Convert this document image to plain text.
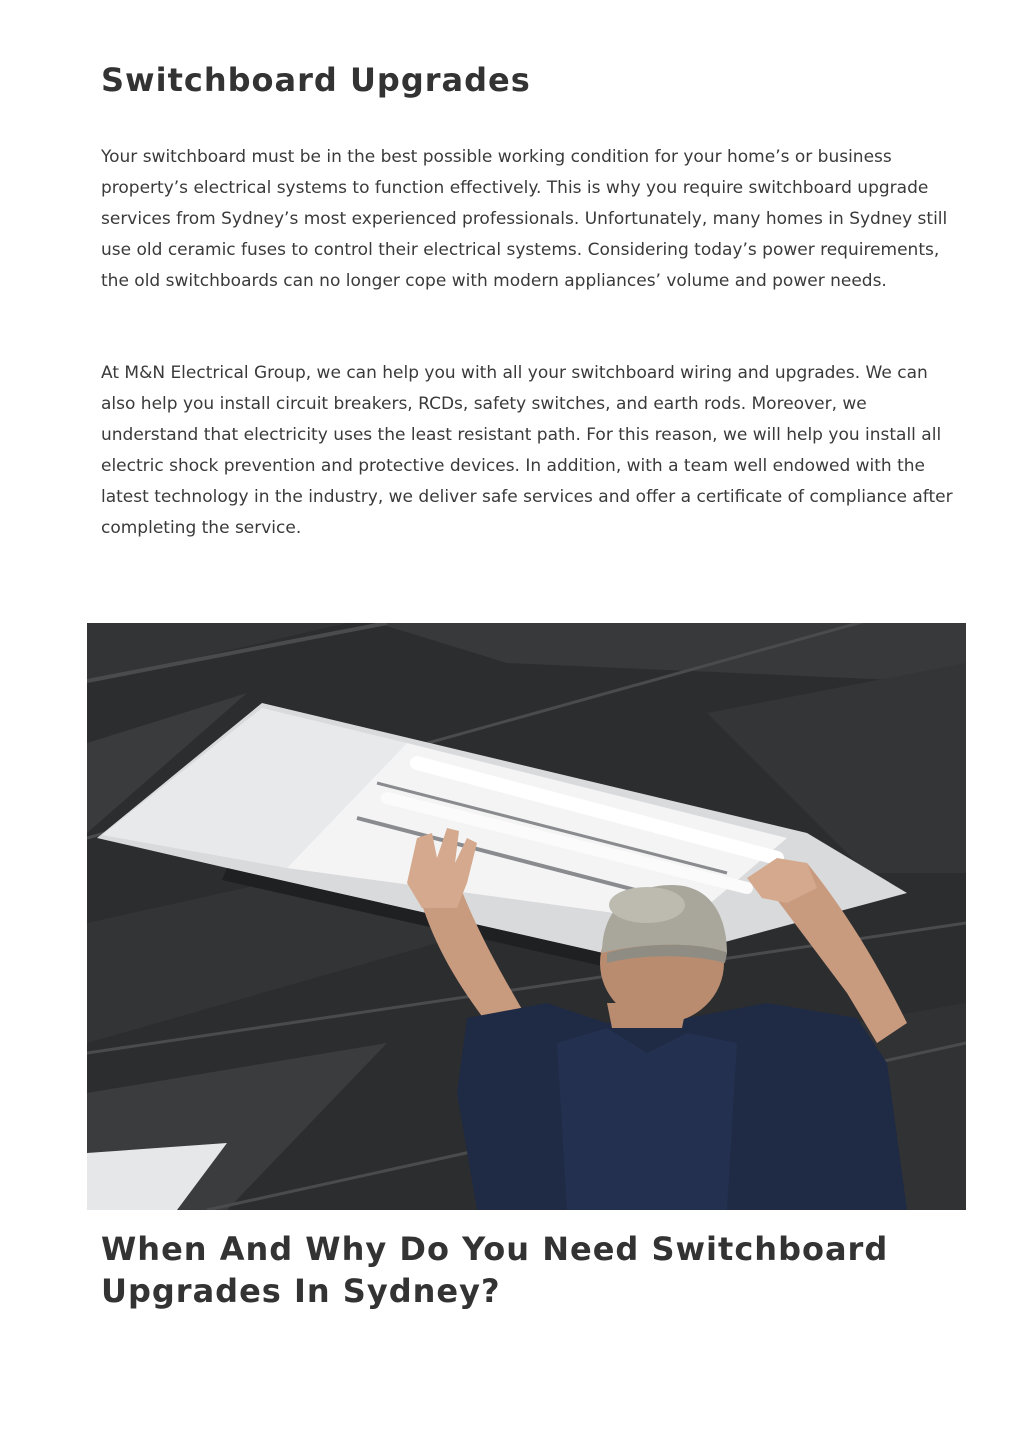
Switchboard Upgrades

Your switchboard must be in the best possible working condition for your home’s or business property’s electrical systems to function effectively. This is why you require switchboard upgrade services from Sydney’s most experienced professionals. Unfortunately, many homes in Sydney still use old ceramic fuses to control their electrical systems. Considering today’s power requirements, the old switchboards can no longer cope with modern appliances’ volume and power needs.

At M&N Electrical Group, we can help you with all your switchboard wiring and upgrades. We can also help you install circuit breakers, RCDs, safety switches, and earth rods. Moreover, we understand that electricity uses the least resistant path. For this reason, we will help you install all electric shock prevention and protective devices. In addition, with a team well endowed with the latest technology in the industry, we deliver safe services and offer a certificate of compliance after completing the service.

When And Why Do You Need Switchboard Upgrades In Sydney?
